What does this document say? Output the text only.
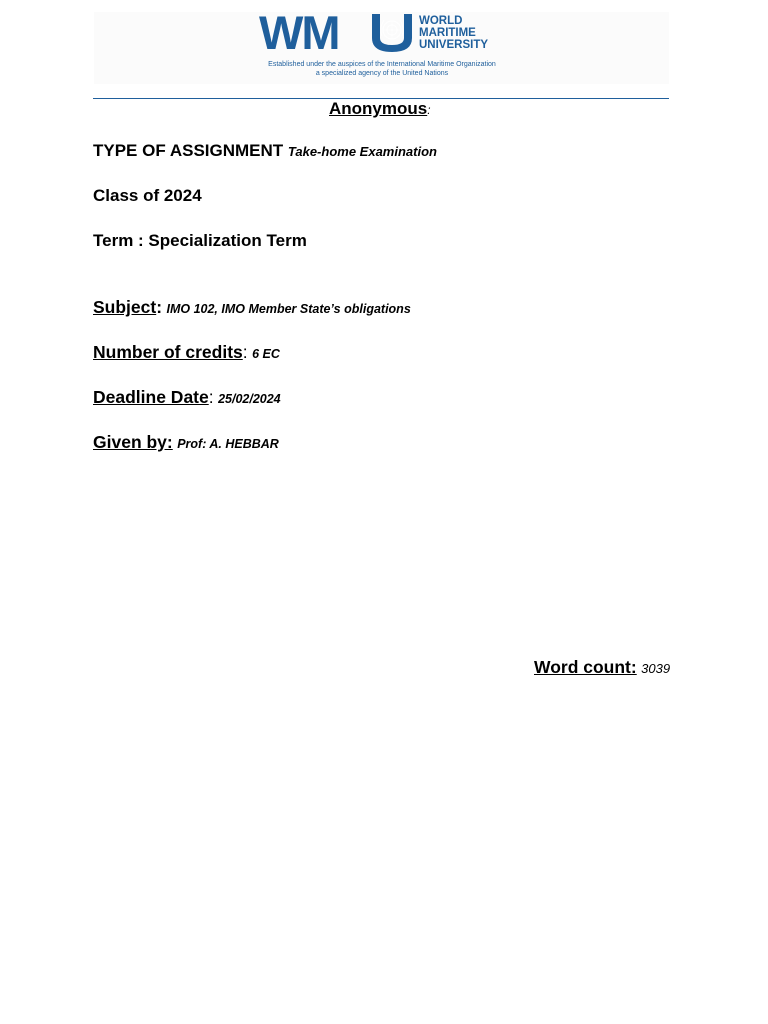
WM	WORLD
MARITIME
UNIVERSITY
Established under the auspices of the International Maritime Organization
a specialized agency of the United Nations
Anonymous:
TYPE OF ASSIGNMENT Take-home Examination
Class of 2024
Term : Specialization Term
Subject: IMO 102, IMO Member State’s obligations
Number of credits: 6 EC
Deadline Date: 25/02/2024
Given by: Prof: A. HEBBAR
Word count: 3039
